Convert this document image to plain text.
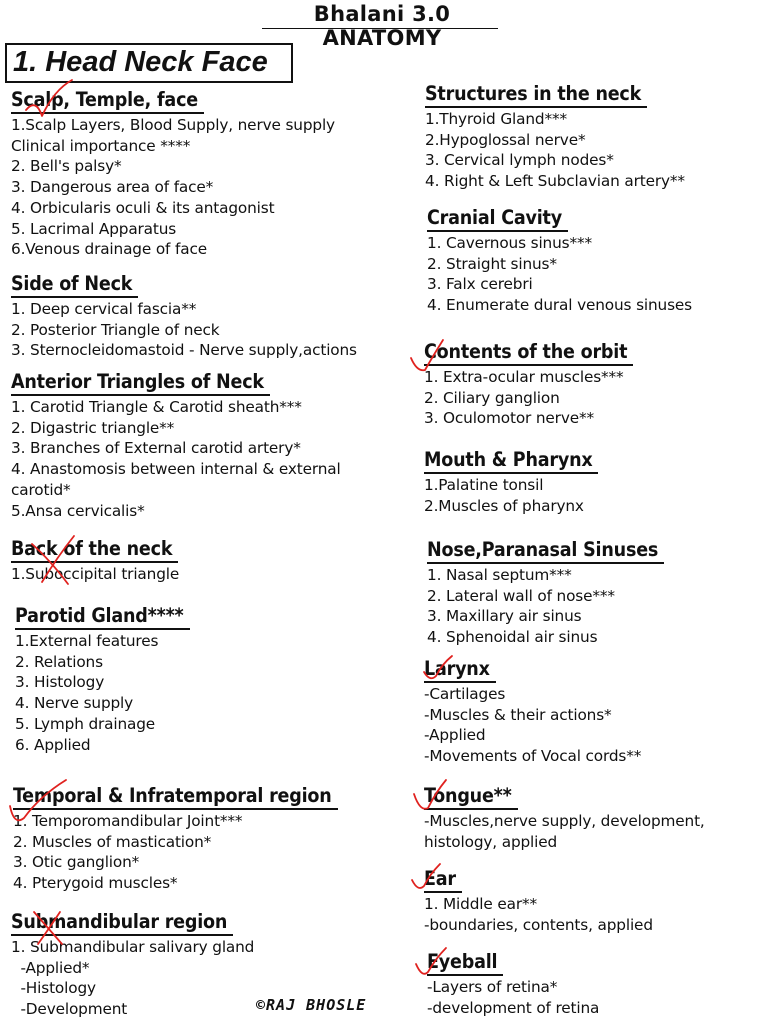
Bhalani 3.0 ANATOMY
1. Head Neck Face
Scalp, Temple, face
1.Scalp Layers, Blood Supply, nerve supply
Clinical importance ****
2. Bell's palsy*
3. Dangerous area of face*
4. Orbicularis oculi & its antagonist
5. Lacrimal Apparatus
6.Venous drainage of face
Side of Neck
1. Deep cervical fascia**
2. Posterior Triangle of neck
3. Sternocleidomastoid - Nerve supply,actions
Anterior Triangles of Neck
1. Carotid Triangle & Carotid sheath***
2. Digastric triangle**
3. Branches of External carotid artery*
4. Anastomosis between internal & external
carotid*
5.Ansa cervicalis*
Back of the neck
1.Suboccipital triangle
Parotid Gland****
1.External features
2. Relations
3. Histology
4. Nerve supply
5. Lymph drainage
6. Applied
Temporal & Infratemporal region
1. Temporomandibular Joint***
2. Muscles of mastication*
3. Otic ganglion*
4. Pterygoid muscles*
Submandibular region
1. Submandibular salivary gland
-Applied*
-Histology
-Development
Structures in the neck
1.Thyroid Gland***
2.Hypoglossal nerve*
3. Cervical lymph nodes*
4. Right & Left Subclavian artery**
Cranial Cavity
1. Cavernous sinus***
2. Straight sinus*
3. Falx cerebri
4. Enumerate dural venous sinuses
Contents of the orbit
1. Extra-ocular muscles***
2. Ciliary ganglion
3. Oculomotor nerve**
Mouth & Pharynx
1.Palatine tonsil
2.Muscles of pharynx
Nose,Paranasal Sinuses
1. Nasal septum***
2. Lateral wall of nose***
3. Maxillary air sinus
4. Sphenoidal air sinus
Larynx
-Cartilages
-Muscles & their actions*
-Applied
-Movements of Vocal cords**
Tongue**
-Muscles,nerve supply, development,
histology, applied
Ear
1. Middle ear**
-boundaries, contents, applied
Eyeball
-Layers of retina*
-development of retina
©RAJ BHOSLE
